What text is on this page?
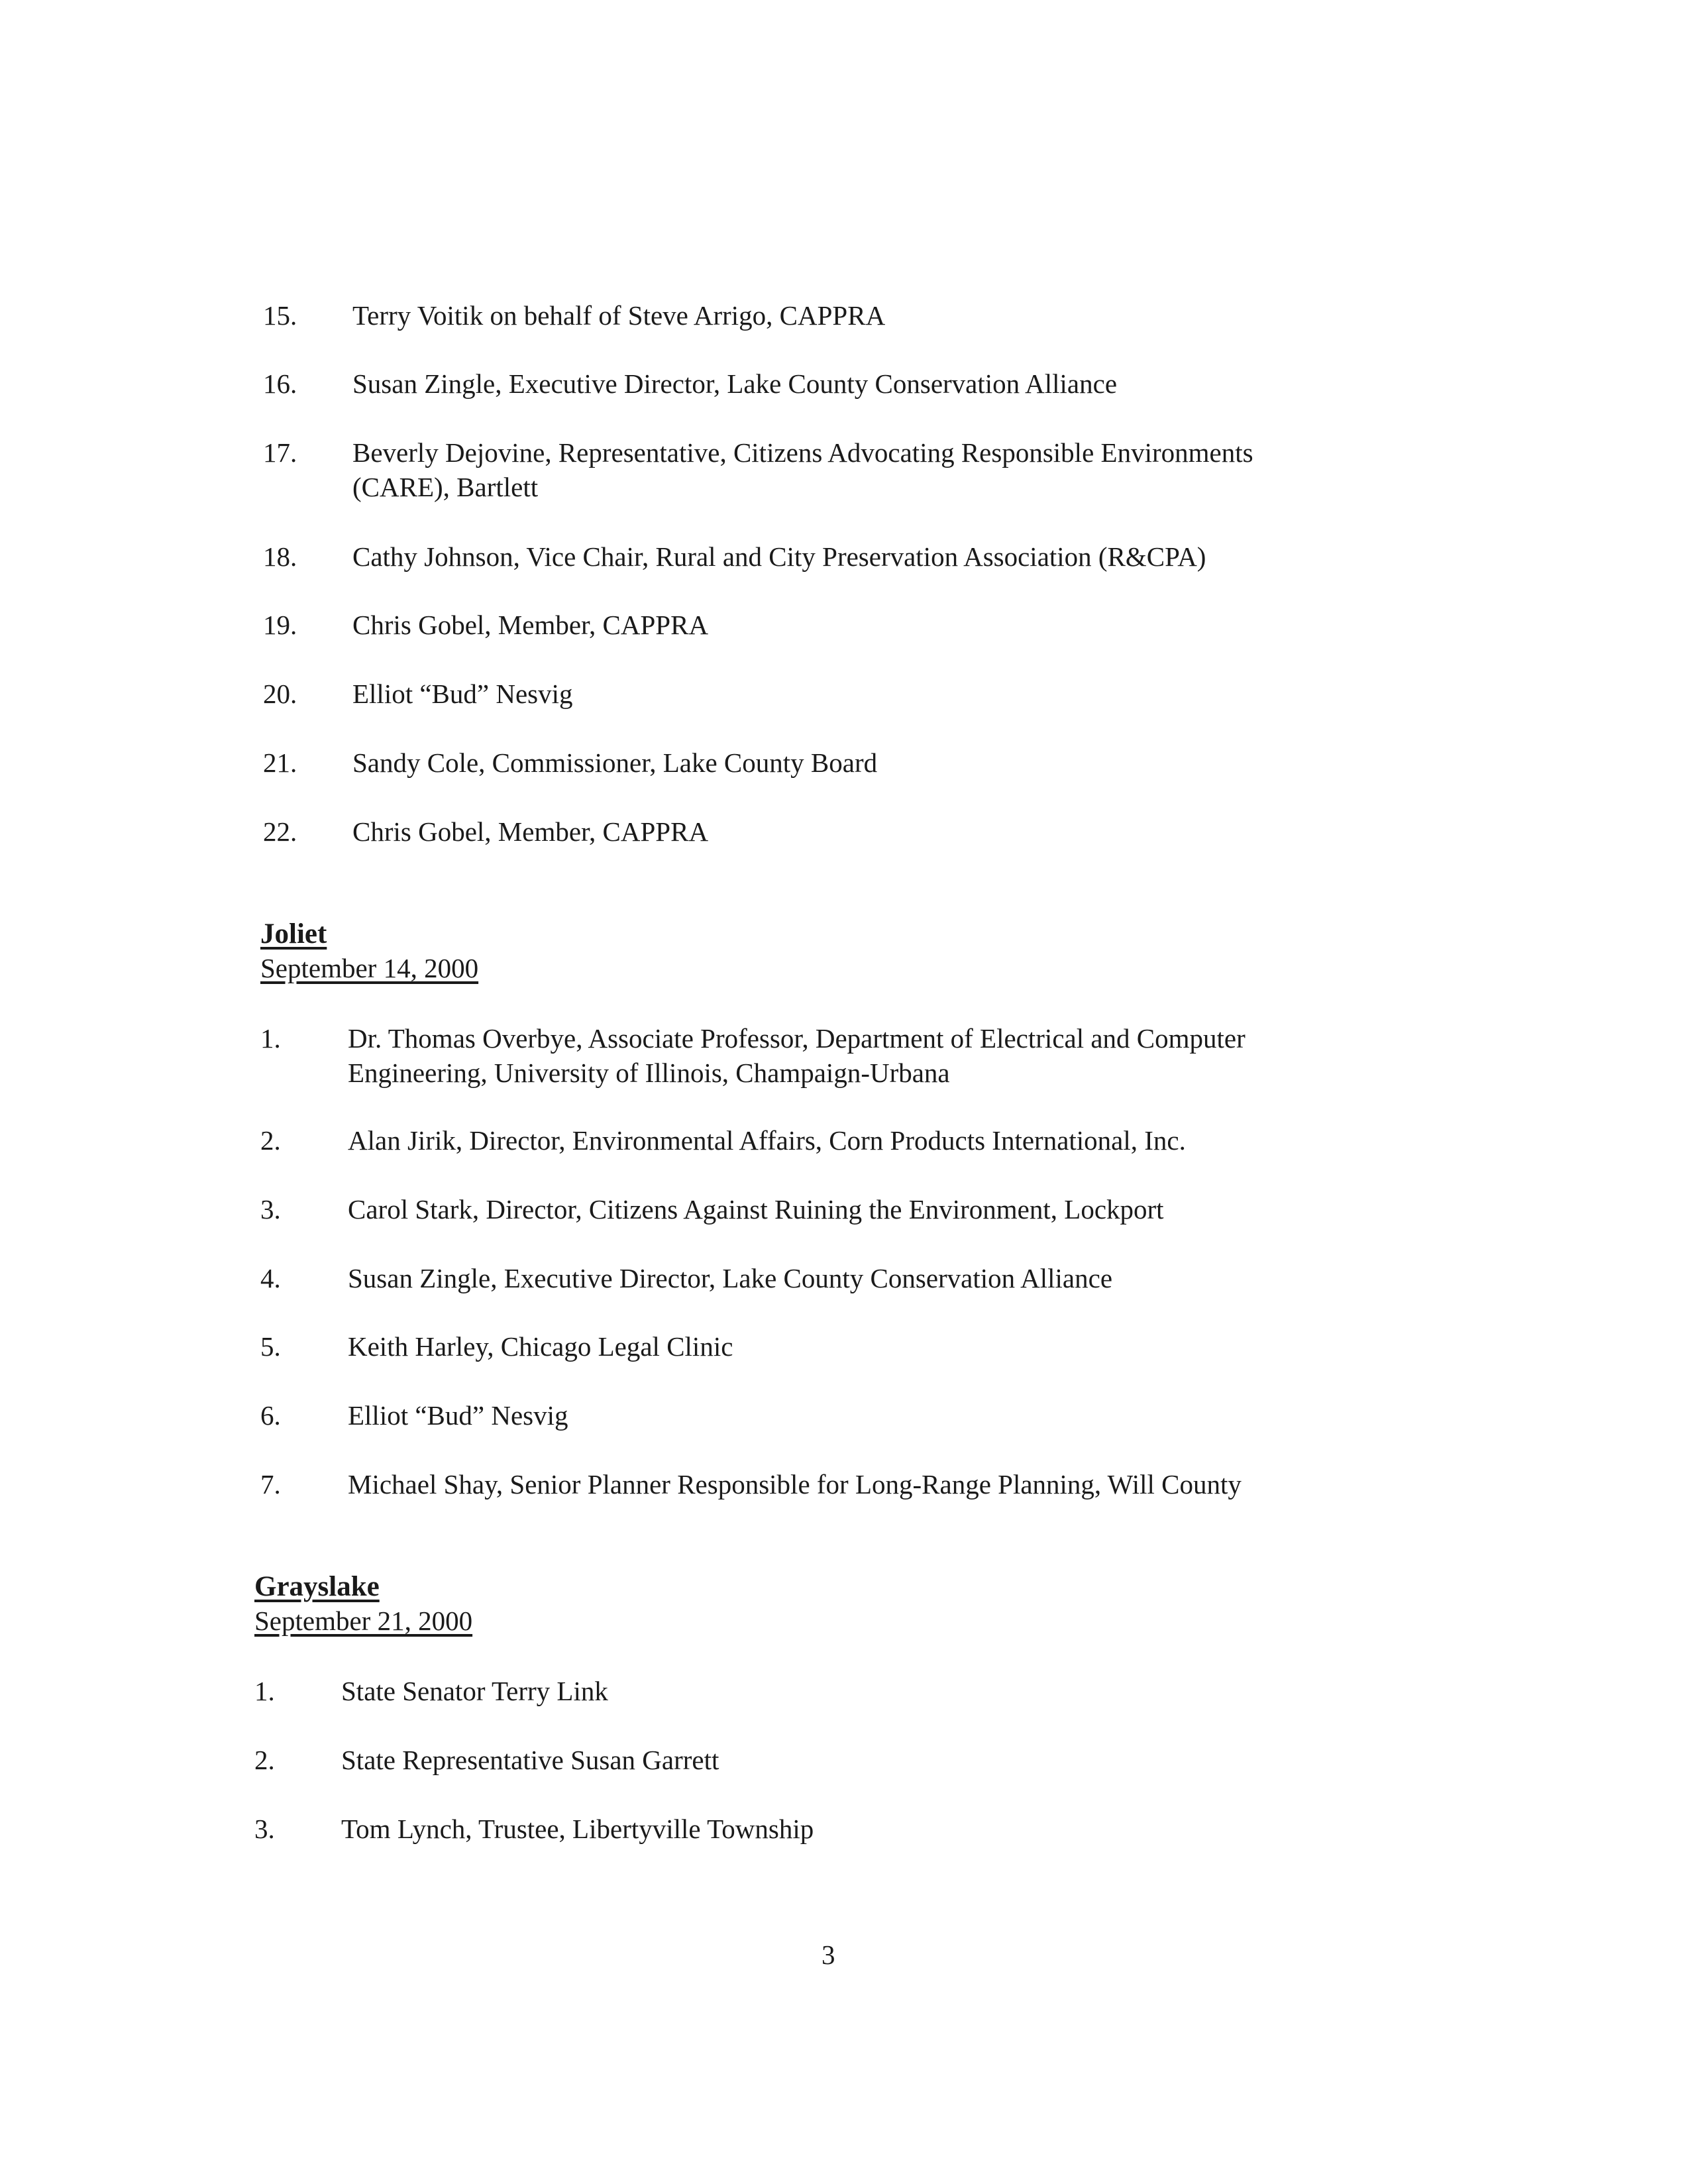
15. Terry Voitik on behalf of Steve Arrigo, CAPPRA
16. Susan Zingle, Executive Director, Lake County Conservation Alliance
17. Beverly Dejovine, Representative, Citizens Advocating Responsible Environments
(CARE), Bartlett
18. Cathy Johnson, Vice Chair, Rural and City Preservation Association (R&CPA)
19. Chris Gobel, Member, CAPPRA
20. Elliot “Bud” Nesvig
21. Sandy Cole, Commissioner, Lake County Board
22. Chris Gobel, Member, CAPPRA
Joliet
September 14, 2000
1. Dr. Thomas Overbye, Associate Professor, Department of Electrical and Computer
Engineering, University of Illinois, Champaign-Urbana
2. Alan Jirik, Director, Environmental Affairs, Corn Products International, Inc.
3. Carol Stark, Director, Citizens Against Ruining the Environment, Lockport
4. Susan Zingle, Executive Director, Lake County Conservation Alliance
5. Keith Harley, Chicago Legal Clinic
6. Elliot “Bud” Nesvig
7. Michael Shay, Senior Planner Responsible for Long-Range Planning, Will County
Grayslake
September 21, 2000
1. State Senator Terry Link
2. State Representative Susan Garrett
3. Tom Lynch, Trustee, Libertyville Township
3
